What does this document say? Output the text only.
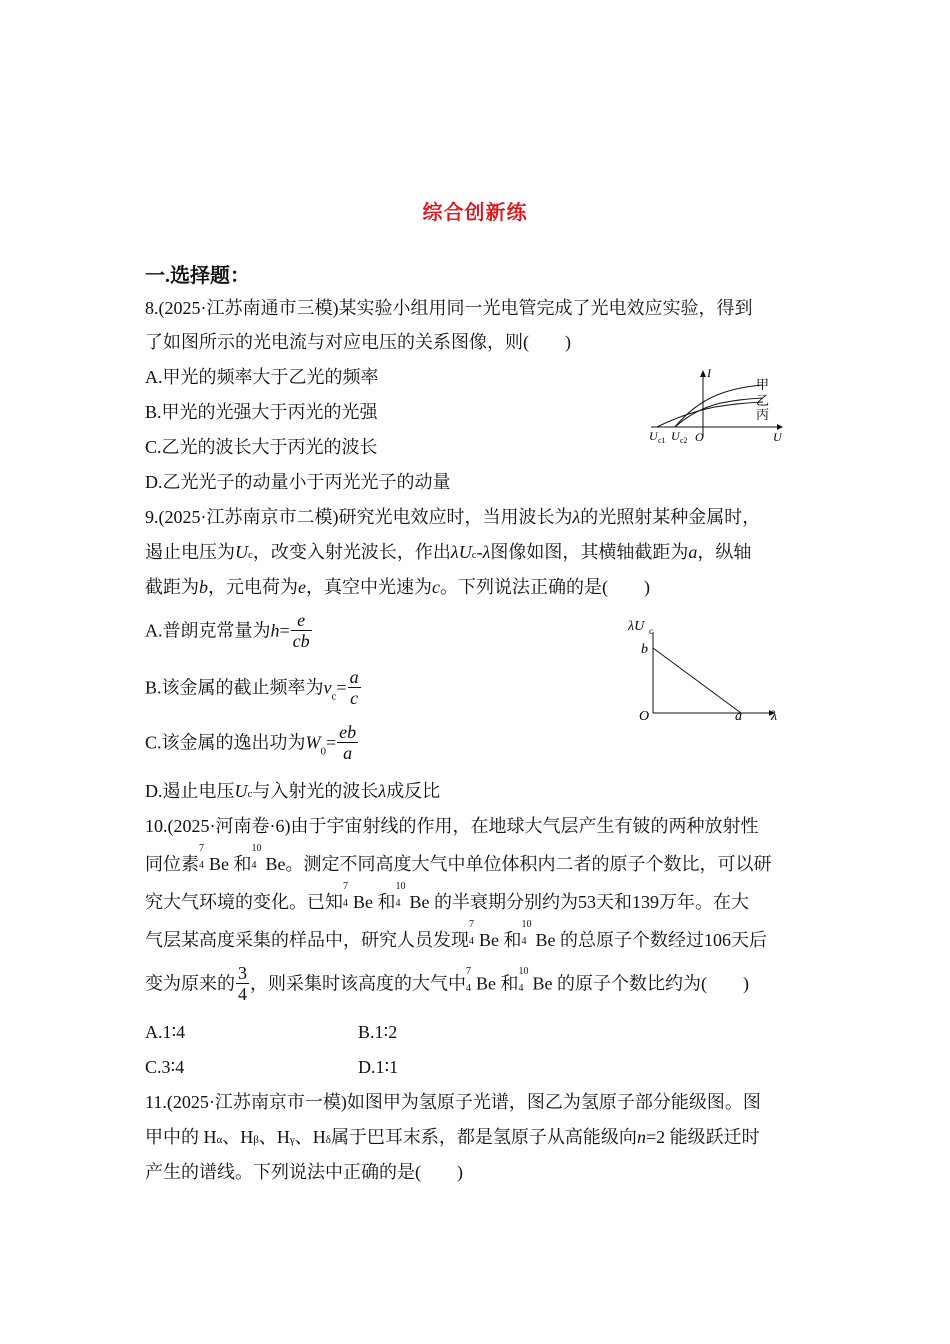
综合创新练
一.选择题：
8.(2025·江苏南通市三模)某实验小组用同一光电管完成了光电效应实验，得到
了如图所示的光电流与对应电压的关系图像，则(　　)
A.甲光的频率大于乙光的频率
B.甲光的光强大于丙光的光强
C.乙光的波长大于丙光的波长
D.乙光光子的动量小于丙光光子的动量
I
U
O
U c1 U c2
甲
乙
丙
9.(2025·江苏南京市二模)研究光电效应时，当用波长为λ的光照射某种金属时，
遏止电压为Uc，改变入射光波长，作出λUc-λ图像如图，其横轴截距为a，纵轴
截距为b，元电荷为e，真空中光速为c。下列说法正确的是(　　)
A.普朗克常量为$h= \frac{e}{cb}$
B.该金属的截止频率为$\nu_c= \frac{a}{c}$
C.该金属的逸出功为$W_0= \frac{eb}{a}$
D.遏止电压Uc与入射光的波长λ成反比
λU c
b
O	a λ
10.(2025·河南卷·6)由于宇宙射线的作用，在地球大气层产生有铍的两种放射性
同位素
7
4 Be 和
10
4 Be。测定不同高度大气中单位体积内二者的原子个数比，可以研
究大气环境的变化。已知
7
4 Be 和
10
4 Be 的半衰期分别约为53天和139万年。在大
气层某高度采集的样品中，研究人员发现
7
4 Be 和
10
4 Be 的总原子个数经过106天后
变为原来的 $\frac{3}{4}$ ，则采集时该高度的大气中
7
4 Be 和
10
4 Be 的原子个数比约为(　　)
A.1∶4	B.1∶2
C.3∶4	D.1∶1
11.(2025·江苏南京市一模)如图甲为氢原子光谱，图乙为氢原子部分能级图。图
甲中的 Hα、Hβ、Hγ、Hδ属于巴耳末系，都是氢原子从高能级向n=2 能级跃迁时
产生的谱线。下列说法中正确的是(　　)
